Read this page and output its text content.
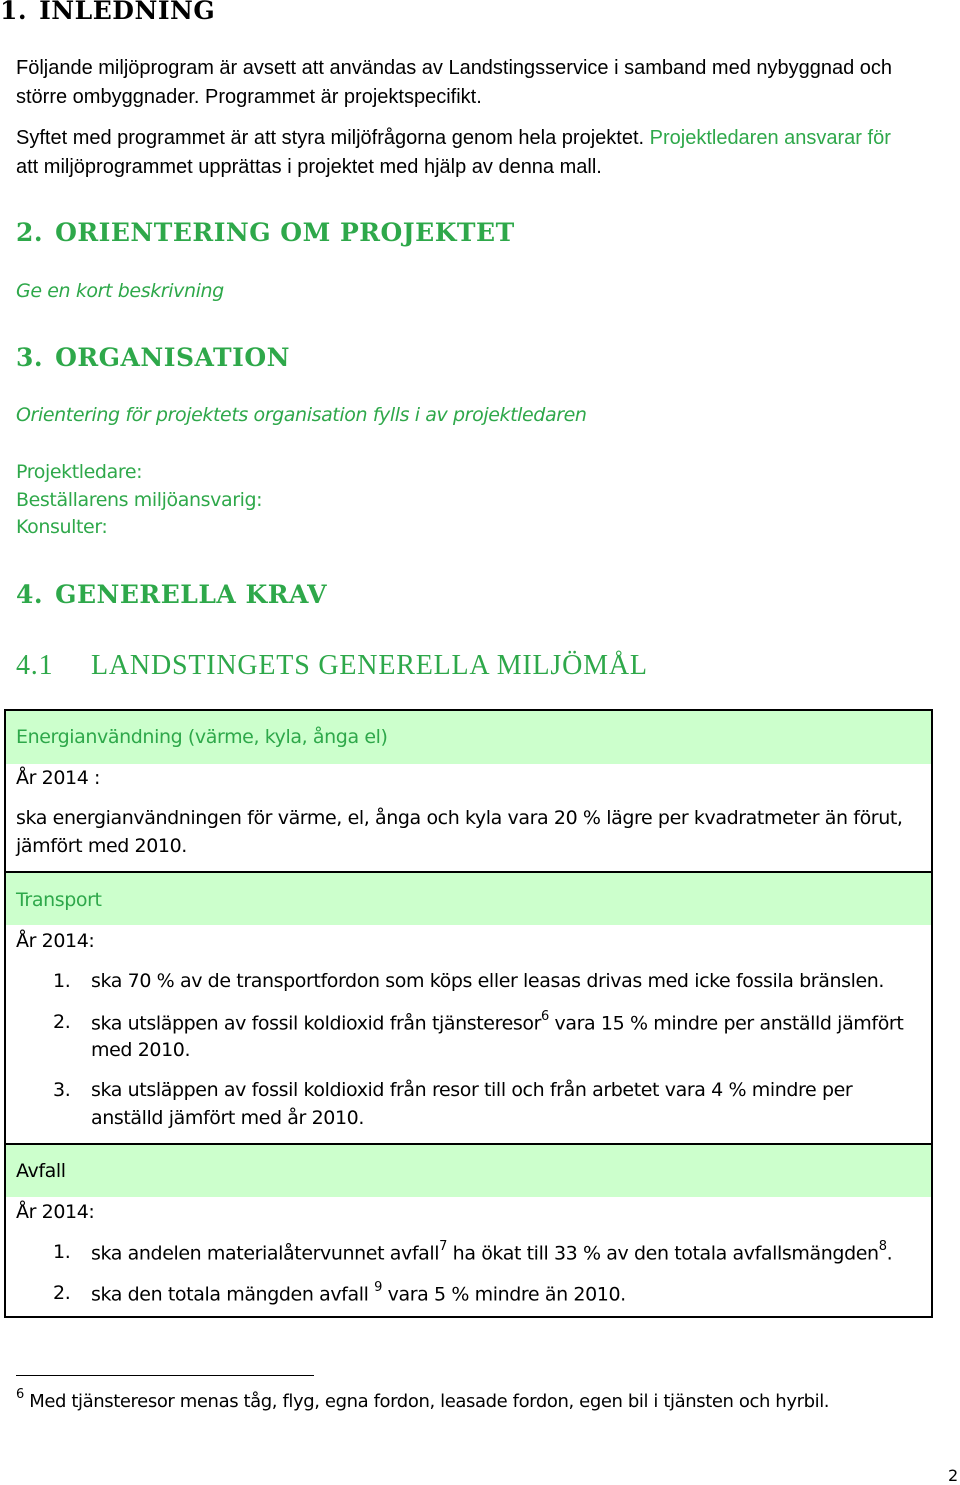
1. INLEDNING
Följande miljöprogram är avsett att användas av Landstingsservice i samband med nybyggnad och
större ombyggnader. Programmet är projektspecifikt.
Syftet med programmet är att styra miljöfrågorna genom hela projektet. Projektledaren ansvarar för
att miljöprogrammet upprättas i projektet med hjälp av denna mall.
2. ORIENTERING OM PROJEKTET
Ge en kort beskrivning
3. ORGANISATION
Orientering för projektets organisation fylls i av projektledaren
Projektledare:
Beställarens miljöansvarig:
Konsulter:
4. GENERELLA KRAV
4.1 LANDSTINGETS GENERELLA MILJÖMÅL
Energianvändning (värme, kyla, ånga el)
År 2014 :
ska energianvändningen för värme, el, ånga och kyla vara 20 % lägre per kvadratmeter än förut,
jämfört med 2010.
Transport
År 2014:
1. ska 70 % av de transportfordon som köps eller leasas drivas med icke fossila bränslen.
2. ska utsläppen av fossil koldioxid från tjänsteresor$^6$ vara 15 % mindre per anställd jämfört
med 2010.
3. ska utsläppen av fossil koldioxid från resor till och från arbetet vara 4 % mindre per
anställd jämfört med år 2010.
Avfall
År 2014:
1. ska andelen materialåtervunnet avfall$^7$ ha ökat till 33 % av den totala avfallsmängden$^8$.
2. ska den totala mängden avfall $^9$ vara 5 % mindre än 2010.
$^6$ Med tjänsteresor menas tåg, flyg, egna fordon, leasade fordon, egen bil i tjänsten och hyrbil.
2
